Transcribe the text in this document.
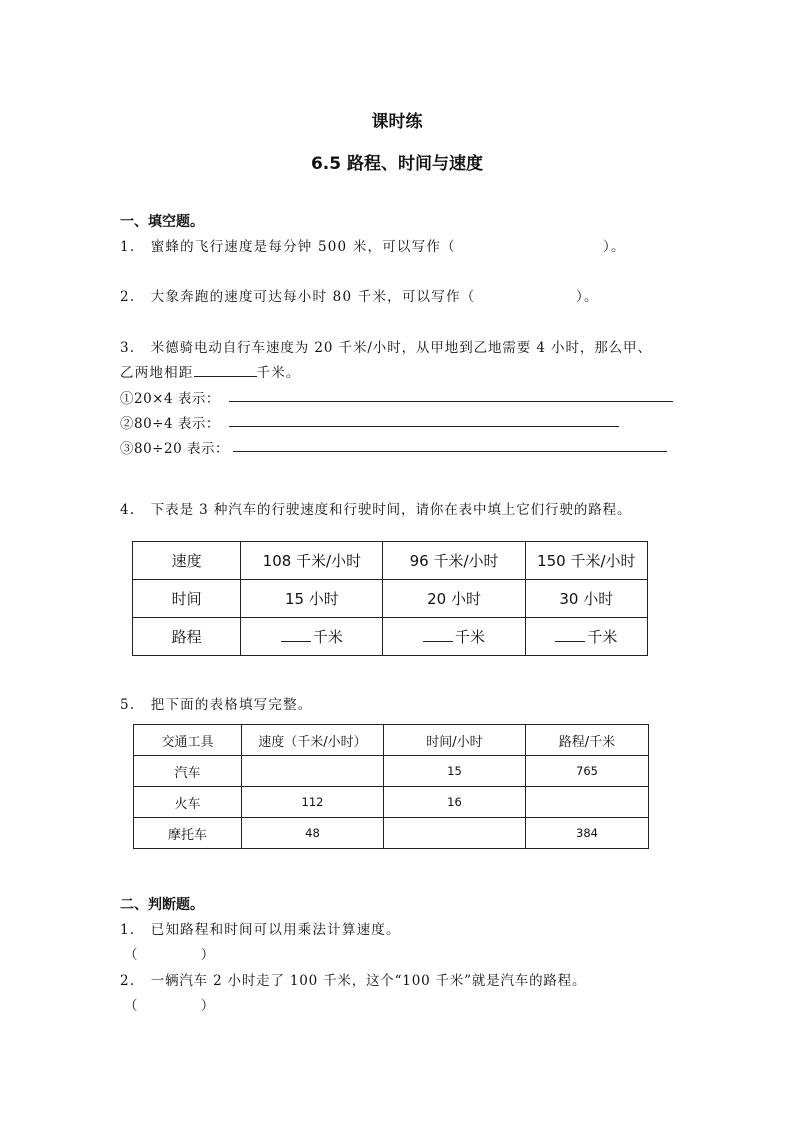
课时练
6.5 路程、时间与速度
一、填空题。
1. 蜜蜂的飞行速度是每分钟 500 米，可以写作（	）。
2. 大象奔跑的速度可达每小时 80 千米，可以写作（	）。
3. 米德骑电动自行车速度为 20 千米/小时，从甲地到乙地需要 4 小时，那么甲、
乙两地相距	千米。
①20×4 表示：
②80÷4 表示：
③80÷20 表示：
4. 下表是 3 种汽车的行驶速度和行驶时间，请你在表中填上它们行驶的路程。
速度	108 千米/小时	96 千米/小时	150 千米/小时
时间	15 小时	20 小时	30 小时
路程	千米	千米	千米
5. 把下面的表格填写完整。
交通工具	速度（千米/小时）	时间/小时	路程/千米
汽车		15	765
火车	112	16	
摩托车	48		384
二、判断题。
1. 已知路程和时间可以用乘法计算速度。
（	）
2. 一辆汽车 2 小时走了 100 千米，这个“100 千米”就是汽车的路程。
（	）
